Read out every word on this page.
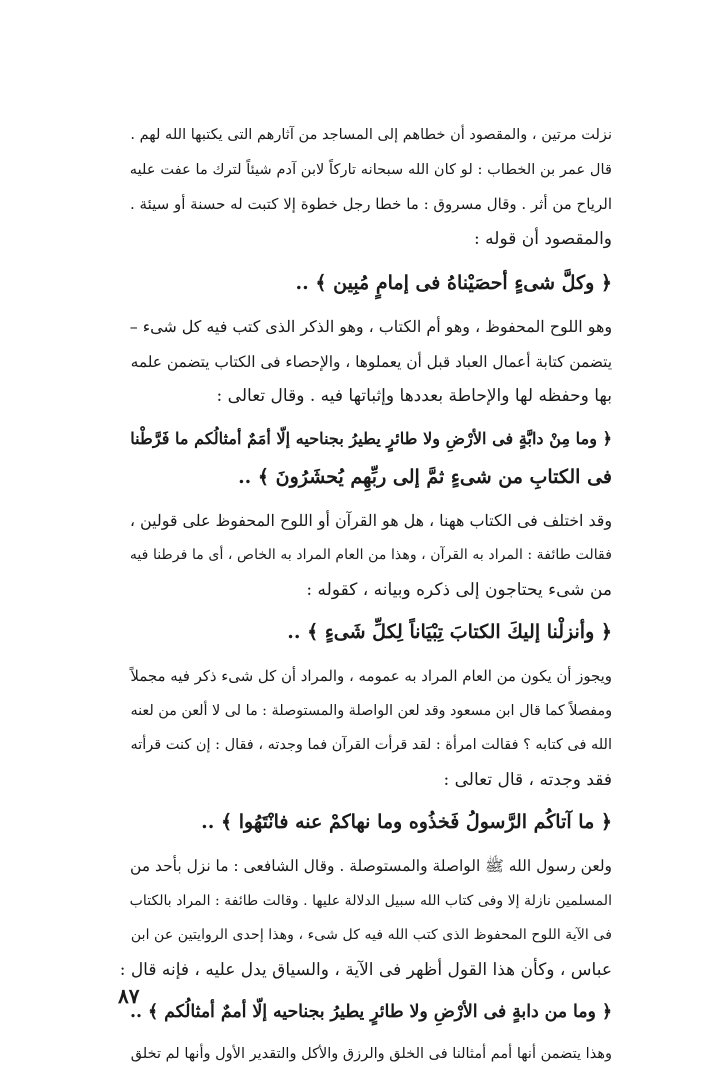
نزلت مرتين ، والمقصود أن خطاهم إلى المساجد من آثارهم التى يكتبها الله لهم .
قال عمر بن الخطاب : لو كان الله سبحانه تاركاً لابن آدم شيئاً لترك ما عفت عليه
الرياح من أثر . وقال مسروق : ما خطا رجل خطوة إلا كتبت له حسنة أو سيئة .
والمقصود أن قوله :
﴿ وكلَّ شىءٍ أحصَيْناهُ فى إمامٍ مُبِين ﴾ ..
وهو اللوح المحفوظ ، وهو أم الكتاب ، وهو الذكر الذى كتب فيه كل شىء –
يتضمن كتابة أعمال العباد قبل أن يعملوها ، والإحصاء فى الكتاب يتضمن علمه
بها وحفظه لها والإحاطة بعددها وإثباتها فيه . وقال تعالى :
﴿ وما مِنْ دابَّةٍ فى الأرْضِ ولا طائرٍ يطيرُ بجناحيه إلّا أمَمٌ أمثالُكم ما فَرَّطْنا
فى الكتابِ من شىءٍ ثمَّ إلى ربِّهِم يُحشَرُونَ ﴾ ..
وقد اختلف فى الكتاب ههنا ، هل هو القرآن أو اللوح المحفوظ على قولين ،
فقالت طائفة : المراد به القرآن ، وهذا من العام المراد به الخاص ، أى ما فرطنا فيه
من شىء يحتاجون إلى ذكره وبيانه ، كقوله :
﴿ وأنزلْنا إليكَ الكتابَ تِبْيَاناً لِكلِّ شَىءٍ ﴾ ..
ويجوز أن يكون من العام المراد به عمومه ، والمراد أن كل شىء ذكر فيه مجملاً
ومفصلاً كما قال ابن مسعود وقد لعن الواصلة والمستوصلة : ما لى لا ألعن من لعنه
الله فى كتابه ؟ فقالت امرأة : لقد قرأت القرآن فما وجدته ، فقال : إن كنت قرأته
فقد وجدته ، قال تعالى :
﴿ ما آتاكُم الرَّسولُ فَخذُوه وما نهاكمْ عنه فانْتَهُوا ﴾ ..
ولعن رسول الله ﷺ الواصلة والمستوصلة . وقال الشافعى : ما نزل بأحد من
المسلمين نازلة إلا وفى كتاب الله سبيل الدلالة عليها . وقالت طائفة : المراد بالكتاب
فى الآية اللوح المحفوظ الذى كتب الله فيه كل شىء ، وهذا إحدى الروايتين عن ابن
عباس ، وكأن هذا القول أظهر فى الآية ، والسياق يدل عليه ، فإنه قال :
﴿ وما من دابةٍ فى الأرْضِ ولا طائرٍ يطيرُ بجناحيه إلّا أممٌ أمثالُكم ﴾ ..
وهذا يتضمن أنها أمم أمثالنا فى الخلق والرزق والأكل والتقدير الأول وأنها لم تخلق
٨٧
